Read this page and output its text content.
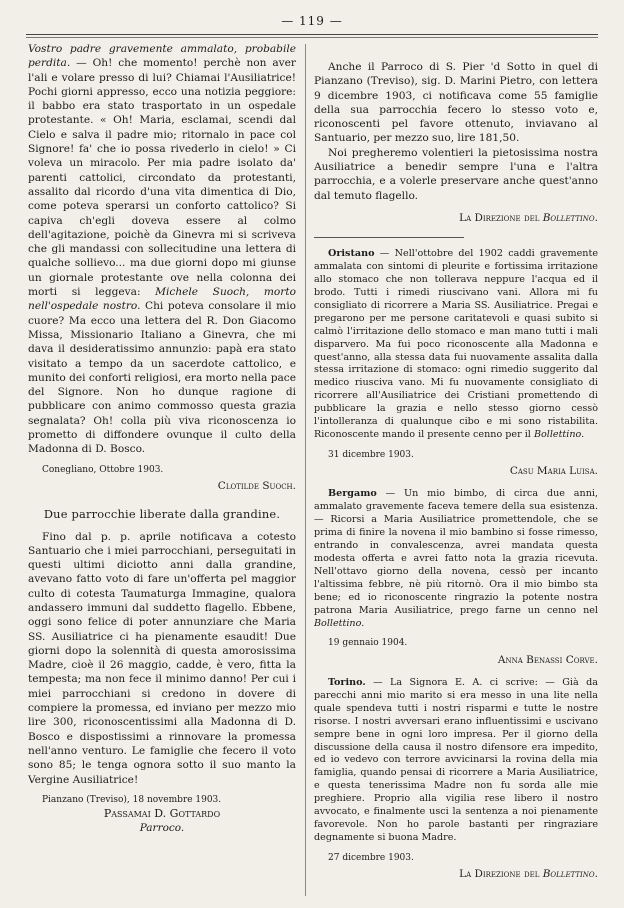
— 119 —

Vostro padre gravemente ammalato, probabile perdita. — Oh! che momento! perchè non aver l'ali e volare presso di lui? Chiamai l'Ausiliatrice! Pochi giorni appresso, ecco una notizia peggiore: il babbo era stato trasportato in un ospedale protestante. « Oh! Maria, esclamai, scendi dal Cielo e salva il padre mio; ritornalo in pace col Signore! fa' che io possa rivederlo in cielo! » Ci voleva un miracolo. Per mia padre isolato da' parenti cattolici, circondato da protestanti, assalito dal ricordo d'una vita dimentica di Dio, come poteva sperarsi un conforto cattolico? Si capiva ch'egli doveva essere al colmo dell'agitazione, poichè da Ginevra mi si scriveva che gli mandassi con sollecitudine una lettera di qualche sollievo... ma due giorni dopo mi giunse un giornale protestante ove nella colonna dei morti si leggeva: Michele Suoch, morto nell'ospedale nostro. Chi poteva consolare il mio cuore? Ma ecco una lettera del R. Don Giacomo Missa, Missionario Italiano a Ginevra, che mi dava il desideratissimo annunzio: papà era stato visitato a tempo da un sacerdote cattolico, e munito dei conforti religiosi, era morto nella pace del Signore. Non ho dunque ragione di pubblicare con animo commosso questa grazia segnalata? Oh! colla più viva riconoscenza io prometto di diffondere ovunque il culto della Madonna di D. Bosco.

Conegliano, Ottobre 1903.
Clotilde Suoch.
Due parrocchie liberate dalla grandine.

Fino dal p. p. aprile notificava a cotesto Santuario che i miei parrocchiani, perseguitati in questi ultimi diciotto anni dalla grandine, avevano fatto voto di fare un'offerta pel maggior culto di cotesta Taumaturga Immagine, qualora andassero immuni dal suddetto flagello. Ebbene, oggi sono felice di poter annunziare che Maria SS. Ausiliatrice ci ha pienamente esaudit! Due giorni dopo la solennità di questa amorosissima Madre, cioè il 26 maggio, cadde, è vero, fitta la tempesta; ma non fece il minimo danno! Per cui i miei parrocchiani si credono in dovere di compiere la promessa, ed inviano per mezzo mio lire 300, riconoscentissimi alla Madonna di D. Bosco e dispostissimi a rinnovare la promessa nell'anno venturo. Le famiglie che fecero il voto sono 85; le tenga ognora sotto il suo manto la Vergine Ausiliatrice!

Pianzano (Treviso), 18 novembre 1903.
Passamai D. Gottardo
Parroco.

Anche il Parroco di S. Pier 'd Sotto in quel di Pianzano (Treviso), sig. D. Marini Pietro, con lettera 9 dicembre 1903, ci notificava come 55 famiglie della sua parrocchia fecero lo stesso voto e, riconoscenti pel favore ottenuto, inviavano al Santuario, per mezzo suo, lire 181,50.

Noi pregheremo volentieri la pietosissima nostra Ausiliatrice a benedir sempre l'una e l'altra parrocchia, e a volerle preservare anche quest'anno dal temuto flagello.

La Direzione del Bollettino.

Oristano — Nell'ottobre del 1902 caddi gravemente ammalata con sintomi di pleurite e fortissima irritazione allo stomaco che non tollerava neppure l'acqua ed il brodo. Tutti i rimedi riuscivano vani. Allora mi fu consigliato di ricorrere a Maria SS. Ausiliatrice. Pregai e pregarono per me persone caritatevoli e quasi subito si calmò l'irritazione dello stomaco e man mano tutti i mali disparvero. Ma fui poco riconoscente alla Madonna e quest'anno, alla stessa data fui nuovamente assalita dalla stessa irritazione di stomaco: ogni rimedio suggerito dal medico riusciva vano. Mi fu nuovamente consigliato di ricorrere all'Ausiliatrice dei Cristiani promettendo di pubblicare la grazia e nello stesso giorno cessò l'intolleranza di qualunque cibo e mi sono ristabilita. Riconoscente mando il presente cenno per il Bollettino.

31 dicembre 1903.
Casu Maria Luisa.

Bergamo — Un mio bimbo, di circa due anni, ammalato gravemente faceva temere della sua esistenza. — Ricorsi a Maria Ausiliatrice promettendole, che se prima di finire la novena il mio bambino si fosse rimesso, entrando in convalescenza, avrei mandata questa modesta offerta e avrei fatto nota la grazia ricevuta. Nell'ottavo giorno della novena, cessò per incanto l'altissima febbre, nè più ritornò. Ora il mio bimbo sta bene; ed io riconoscente ringrazio la potente nostra patrona Maria Ausiliatrice, prego farne un cenno nel Bollettino.

19 gennaio 1904.
Anna Benassi Corve.

Torino. — La Signora E. A. ci scrive: — Già da parecchi anni mio marito si era messo in una lite nella quale spendeva tutti i nostri risparmi e tutte le nostre risorse. I nostri avversari erano influentissimi e uscivano sempre bene in ogni loro impresa. Per il giorno della discussione della causa il nostro difensore era impedito, ed io vedevo con terrore avvicinarsi la rovina della mia famiglia, quando pensai di ricorrere a Maria Ausiliatrice, e questa tenerissima Madre non fu sorda alle mie preghiere. Proprio alla vigilia rese libero il nostro avvocato, e finalmente usci la sentenza a noi pienamente favorevole. Non ho parole bastanti per ringraziare degnamente si buona Madre.

27 dicembre 1903.
La Direzione del Bollettino.
